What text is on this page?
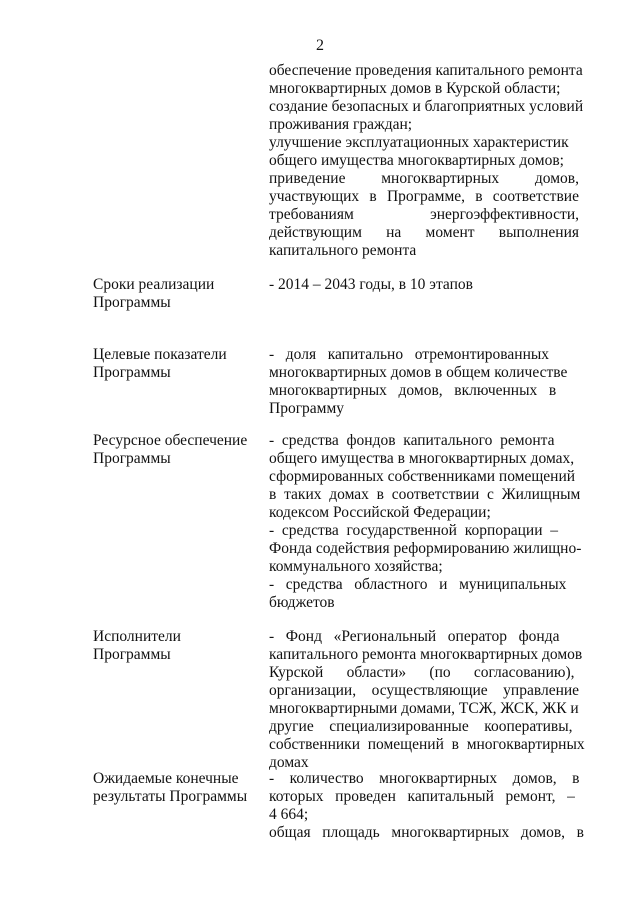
2
обеспечение проведения капитального ремонта
многоквартирных домов в Курской области;
создание безопасных и благоприятных условий
проживания граждан;
улучшение эксплуатационных характеристик
общего имущества многоквартирных домов;
приведение многоквартирных домов,
участвующих в Программе, в соответствие
требованиям	энергоэффективности,
действующим на момент выполнения
капитального ремонта
Сроки реализации
Программы
- 2014 – 2043 годы, в 10 этапов
Целевые показатели
Программы
-   доля   капитально   отремонтированных
многоквартирных домов в общем количестве
многоквартирных   домов,   включенных   в
Программу
Ресурсное обеспечение
Программы
-  средства  фондов  капитального  ремонта
общего имущества в многоквартирных домах,
сформированных собственниками помещений
в  таких  домах  в  соответствии  с  Жилищным
кодексом Российской Федерации;
-  средства  государственной  корпорации  –
Фонда содействия реформированию жилищно-
коммунального хозяйства;
-   средства   областного   и   муниципальных
бюджетов
Исполнители
Программы
-   Фонд   «Региональный   оператор   фонда
капитального ремонта многоквартирных домов
Курской      области»      (по      согласованию),
организации,    осуществляющие    управление
многоквартирными домами, ТСЖ, ЖСК, ЖК и
другие    специализированные    кооперативы,
собственники  помещений  в  многоквартирных
домах
Ожидаемые конечные
результаты Программы
-    количество    многоквартирных    домов,    в
которых   проведен   капитальный   ремонт,   –
4 664;
общая   площадь   многоквартирных   домов,   в
